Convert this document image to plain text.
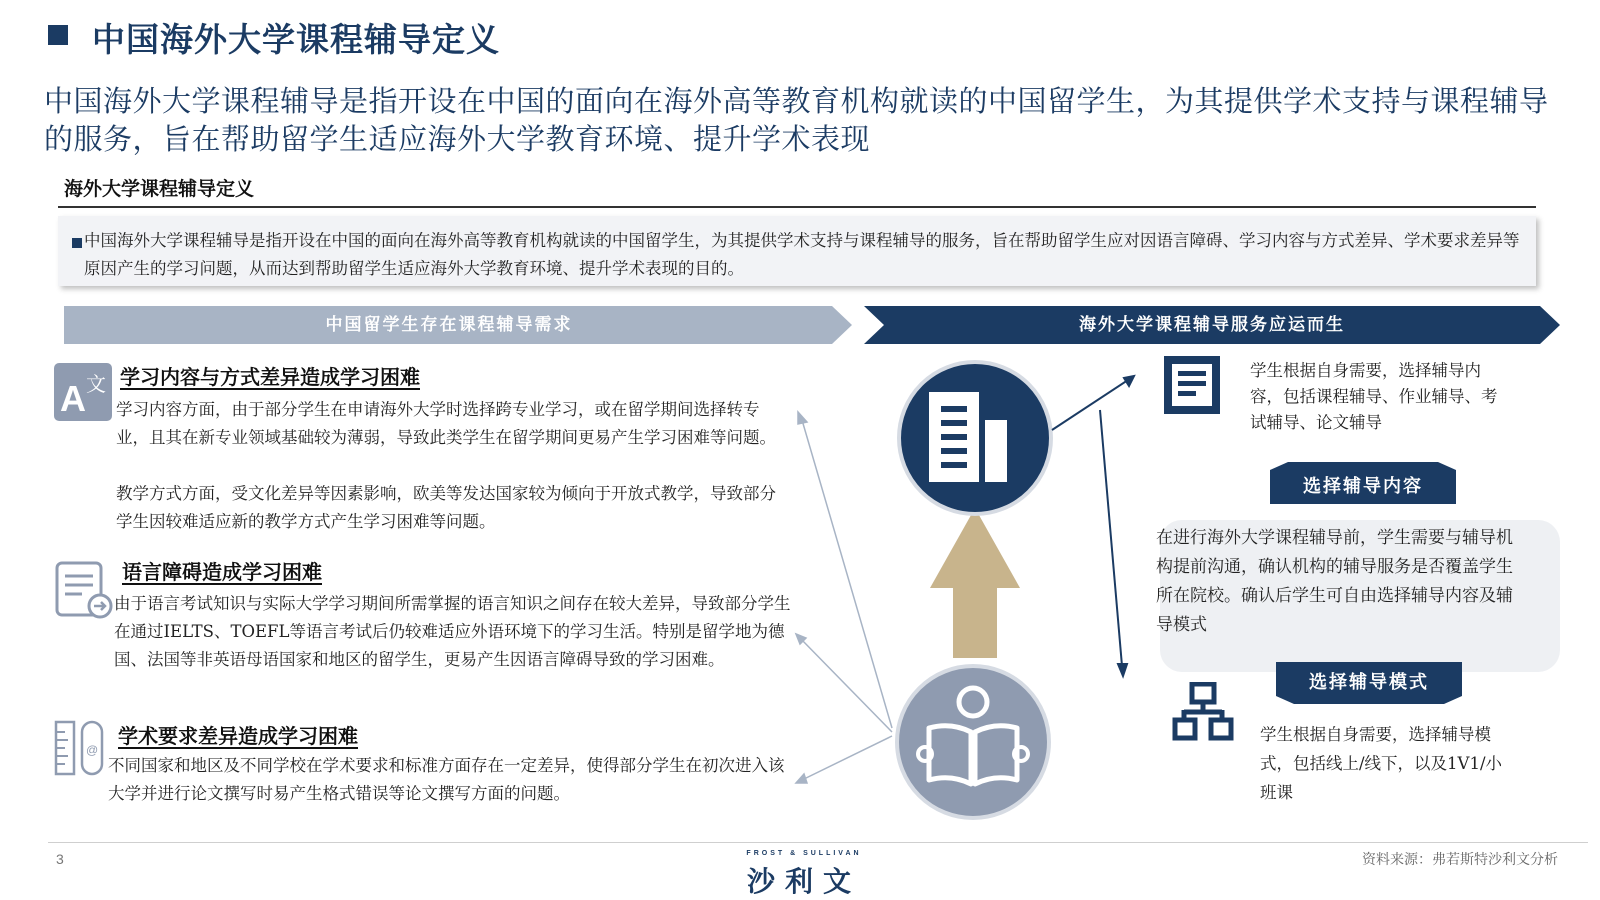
中国海外大学课程辅导定义
中国海外大学课程辅导是指开设在中国的面向在海外高等教育机构就读的中国留学生，为其提供学术支持与课程辅导的服务，旨在帮助留学生适应海外大学教育环境、提升学术表现
海外大学课程辅导定义
中国海外大学课程辅导是指开设在中国的面向在海外高等教育机构就读的中国留学生，为其提供学术支持与课程辅导的服务，旨在帮助留学生应对因语言障碍、学习内容与方式差异、学术要求差异等原因产生的学习问题，从而达到帮助留学生适应海外大学教育环境、提升学术表现的目的。
中国留学生存在课程辅导需求	海外大学课程辅导服务应运而生
A 文 学习内容与方式差异造成学习困难
学习内容方面，由于部分学生在申请海外大学时选择跨专业学习，或在留学期间选择转专业，且其在新专业领域基础较为薄弱，导致此类学生在留学期间更易产生学习困难等问题。
教学方式方面，受文化差异等因素影响，欧美等发达国家较为倾向于开放式教学，导致部分学生因较难适应新的教学方式产生学习困难等问题。
语言障碍造成学习困难
由于语言考试知识与实际大学学习期间所需掌握的语言知识之间存在较大差异，导致部分学生在通过IELTS、TOEFL等语言考试后仍较难适应外语环境下的学习生活。特别是留学地为德国、法国等非英语母语国家和地区的留学生，更易产生因语言障碍导致的学习困难。
@
学术要求差异造成学习困难
不同国家和地区及不同学校在学术要求和标准方面存在一定差异，使得部分学生在初次进入该大学并进行论文撰写时易产生格式错误等论文撰写方面的问题。
学生根据自身需要，选择辅导内容，包括课程辅导、作业辅导、考试辅导、论文辅导
选择辅导内容
在进行海外大学课程辅导前，学生需要与辅导机构提前沟通，确认机构的辅导服务是否覆盖学生所在院校。确认后学生可自由选择辅导内容及辅导模式
选择辅导模式
学生根据自身需要，选择辅导模式，包括线上/线下，以及1V1/小班课
3	FROST & SULLIVAN
沙利文
资料来源：弗若斯特沙利文分析
